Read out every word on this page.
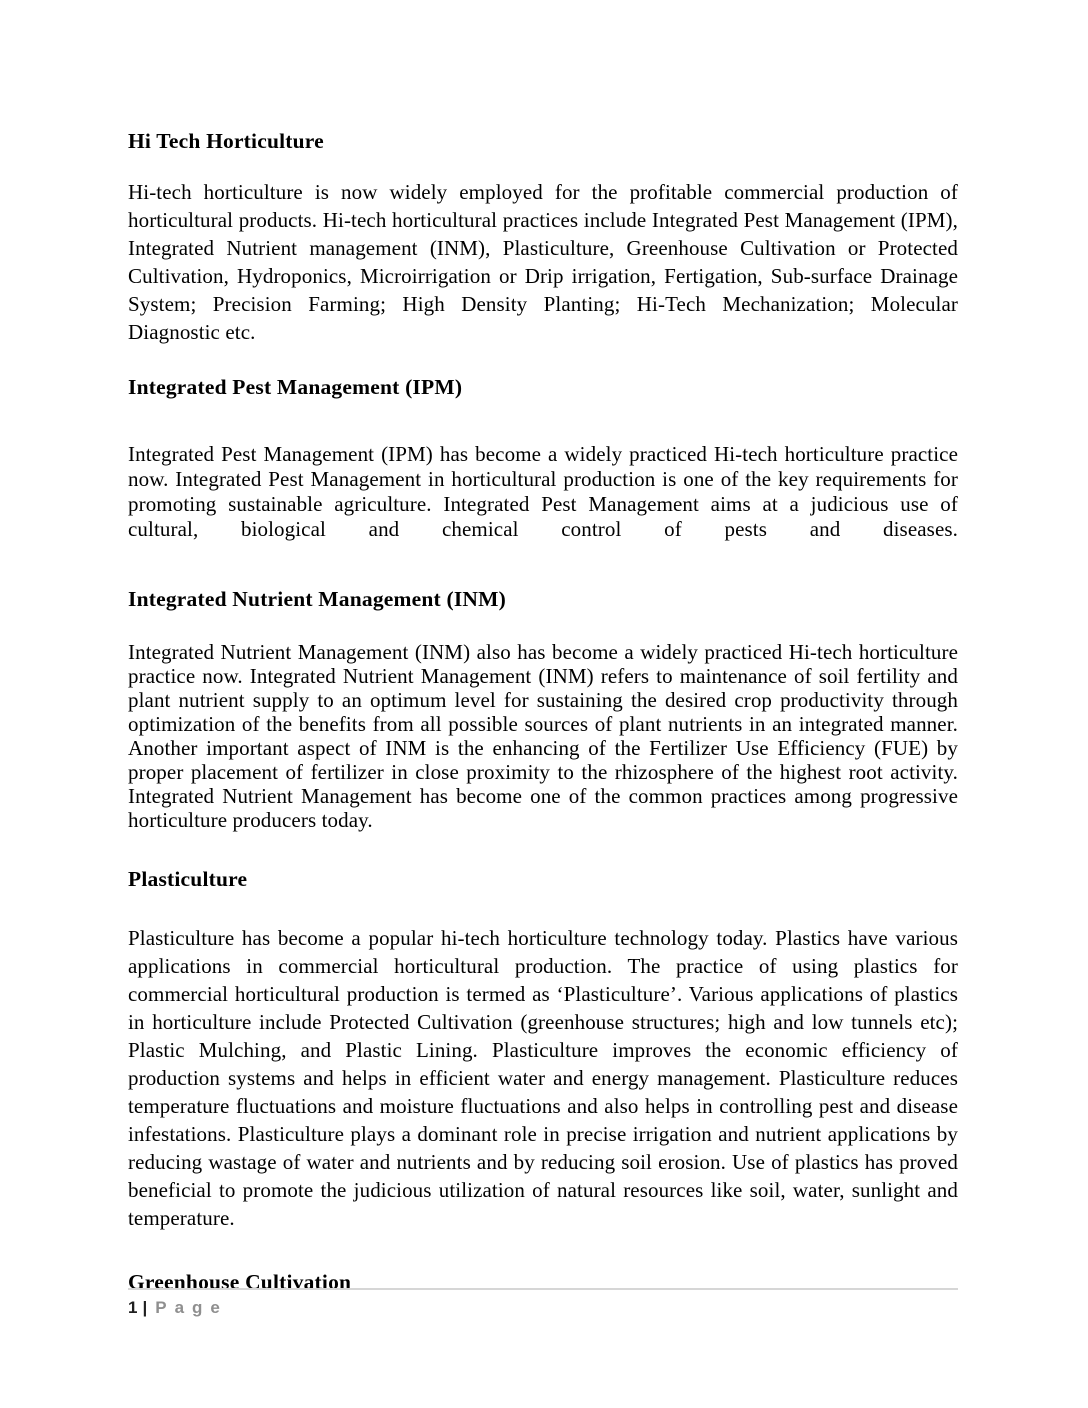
Hi Tech Horticulture

Hi-tech horticulture is now widely employed for the profitable commercial production of horticultural products. Hi-tech horticultural practices include Integrated Pest Management (IPM), Integrated Nutrient management (INM), Plasticulture, Greenhouse Cultivation or Protected Cultivation, Hydroponics, Microirrigation or Drip irrigation, Fertigation, Sub-surface Drainage System; Precision Farming; High Density Planting; Hi-Tech Mechanization; Molecular Diagnostic etc.

Integrated Pest Management (IPM)

Integrated Pest Management (IPM) has become a widely practiced Hi-tech horticulture practice now. Integrated Pest Management in horticultural production is one of the key requirements for promoting sustainable agriculture. Integrated Pest Management aims at a judicious use of cultural, biological and chemical control of pests and diseases.

Integrated Nutrient Management (INM)

Integrated Nutrient Management (INM) also has become a widely practiced Hi-tech horticulture practice now. Integrated Nutrient Management (INM) refers to maintenance of soil fertility and plant nutrient supply to an optimum level for sustaining the desired crop productivity through optimization of the benefits from all possible sources of plant nutrients in an integrated manner. Another important aspect of INM is the enhancing of the Fertilizer Use Efficiency (FUE) by proper placement of fertilizer in close proximity to the rhizosphere of the highest root activity. Integrated Nutrient Management has become one of the common practices among progressive horticulture producers today.

Plasticulture

Plasticulture has become a popular hi-tech horticulture technology today. Plastics have various applications in commercial horticultural production. The practice of using plastics for commercial horticultural production is termed as ‘Plasticulture’. Various applications of plastics in horticulture include Protected Cultivation (greenhouse structures; high and low tunnels etc); Plastic Mulching, and Plastic Lining. Plasticulture improves the economic efficiency of production systems and helps in efficient water and energy management. Plasticulture reduces temperature fluctuations and moisture fluctuations and also helps in controlling pest and disease infestations. Plasticulture plays a dominant role in precise irrigation and nutrient applications by reducing wastage of water and nutrients and by reducing soil erosion. Use of plastics has proved beneficial to promote the judicious utilization of natural resources like soil, water, sunlight and temperature.

Greenhouse Cultivation
1 | Page
